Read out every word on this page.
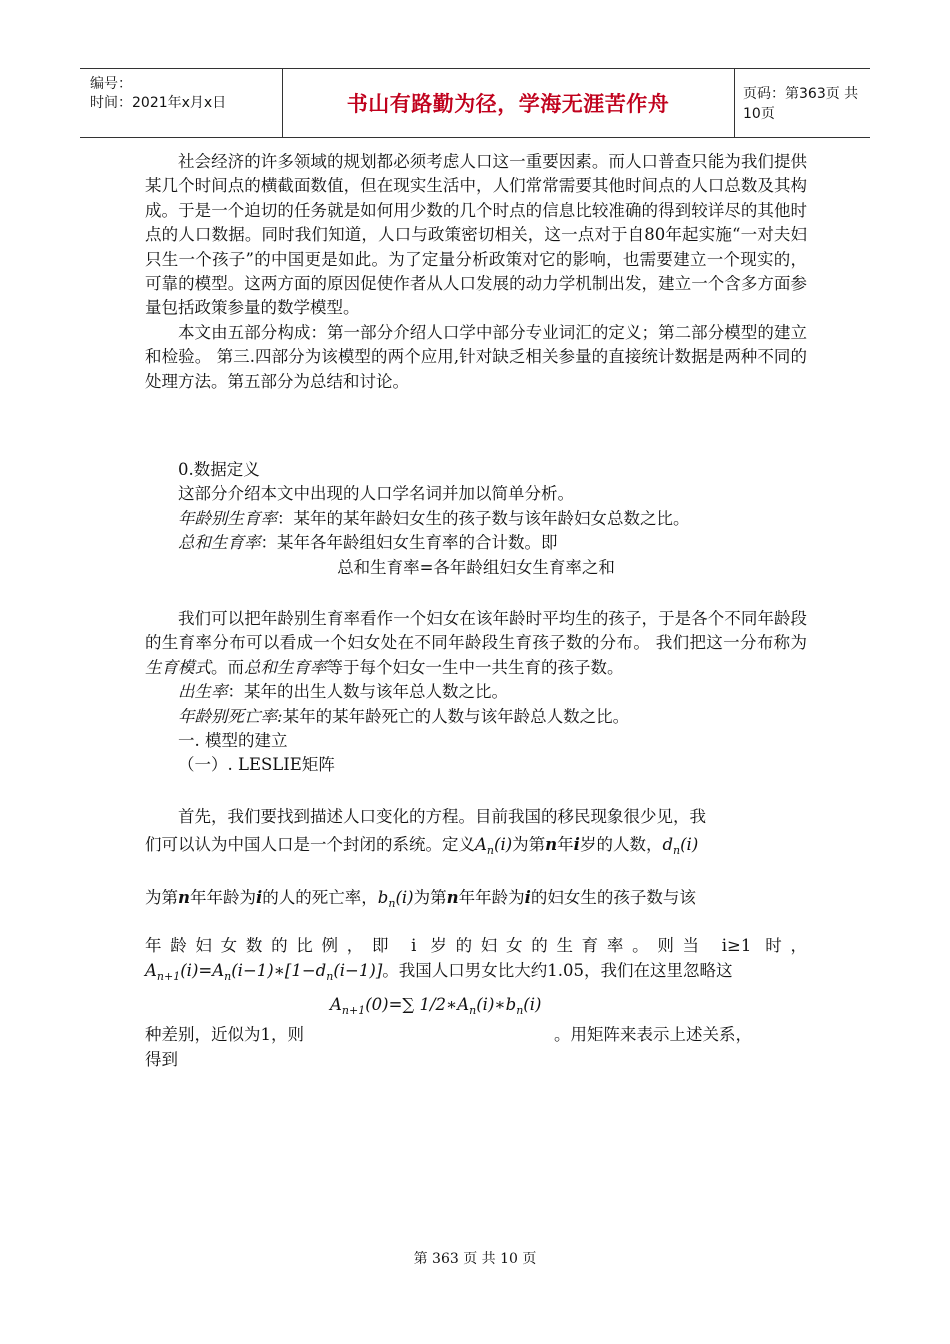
编号：
时间：2021年x月x日	书山有路勤为径，学海无涯苦作舟	页码：第363页 共10页

社会经济的许多领域的规划都必须考虑人口这一重要因素。而人口普查只能为我们提供某几个时间点的横截面数值，但在现实生活中，人们常常需要其他时间点的人口总数及其构成。于是一个迫切的任务就是如何用少数的几个时点的信息比较准确的得到较详尽的其他时点的人口数据。同时我们知道，人口与政策密切相关，这一点对于自80年起实施“一对夫妇只生一个孩子”的中国更是如此。为了定量分析政策对它的影响，也需要建立一个现实的，可靠的模型。这两方面的原因促使作者从人口发展的动力学机制出发，建立一个含多方面参量包括政策参量的数学模型。

本文由五部分构成：第一部分介绍人口学中部分专业词汇的定义；第二部分模型的建立和检验。 第三.四部分为该模型的两个应用,针对缺乏相关参量的直接统计数据是两种不同的处理方法。第五部分为总结和讨论。

0.数据定义

这部分介绍本文中出现的人口学名词并加以简单分析。

年龄别生育率：某年的某年龄妇女生的孩子数与该年龄妇女总数之比。

总和生育率：某年各年龄组妇女生育率的合计数。即

总和生育率=各年龄组妇女生育率之和

我们可以把年龄别生育率看作一个妇女在该年龄时平均生的孩子，于是各个不同年龄段的生育率分布可以看成一个妇女处在不同年龄段生育孩子数的分布。 我们把这一分布称为生育模式。而总和生育率等于每个妇女一生中一共生育的孩子数。

出生率：某年的出生人数与该年总人数之比。

年龄别死亡率:某年的某年龄死亡的人数与该年龄总人数之比。

一. 模型的建立

（一）. LESLIE矩阵

首先，我们要找到描述人口变化的方程。目前我国的移民现象很少见，我

们可以认为中国人口是一个封闭的系统。定义$A_n(i)$为第n年i岁的人数，$d_n(i)$

为第n年年龄为i的人的死亡率，$b_n(i)$为第n年年龄为i的妇女生的孩子数与该

年龄妇女数的比例，即 i 岁的妇女的生育率。则当 i≥1 时，

$A_{n+1}(i)=A_n(i-1)∗[1-d_n(i-1)]$。我国人口男女比大约1.05，我们在这里忽略这

$A_{n+1}(0)=\sum$ $1/2∗A_n(i)∗b_n(i)$

种差别，近似为1，则	。用矩阵来表示上述关系，

得到

第 363 页 共 10 页
